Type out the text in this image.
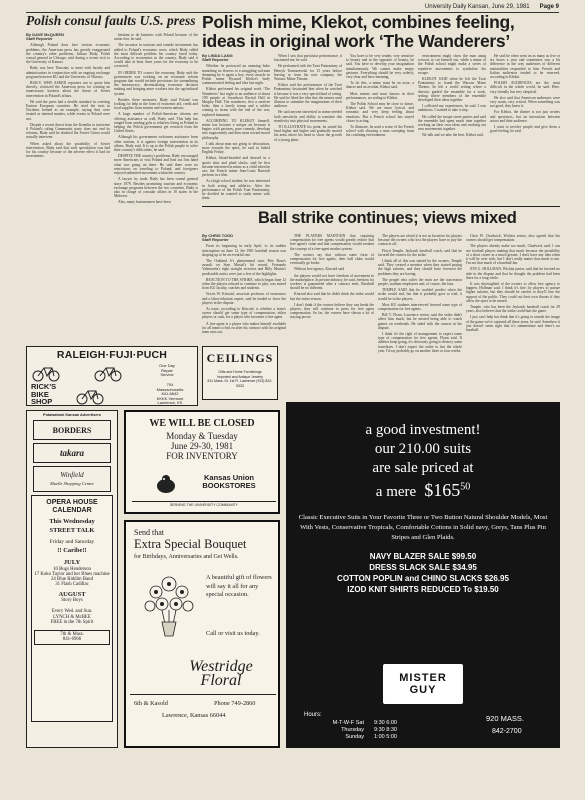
University Daily Kansan, June 29, 1981 Page 9
Polish consul faults U.S. press
By DAVE McQUEEN
Staff Reporter

Although Poland does face serious economic problems, the American press has greatly exaggerated the country's other problems, Juliusz Biały, Polish consul general in Chicago, said during a recent visit to the University of Kansas.

Biały was here Thursday to meet with faculty and administrators in conjunction with an ongoing exchange program between KU and the University of Warsaw.

BIAŁY, WHO ASKED reporters not to quote him directly, criticized the American press for creating an unnecessary hysteria about the threat of Soviet intervention in Poland's affairs.

He said the press had a double standard in covering Eastern European countries. He cited the riots in Northern Ireland as an example, saying they were treated as internal matters, while events in Poland were not.

Despite a recent threat from the Kremlin to intervene if Poland's ruling Communist party does not end its reforms, Biały said he doubted the Soviet Union would actually intervene.

When asked about the possibility of Soviet intervention, Biały said that such speculation was bad for his country because of the adverse effect it had on investments.

hesitant to do business with Poland because of the union fear, he said.

The increase in tourism and outside investment has added to Poland's economic woes, which Biały called the most difficult problem his country faced today. According to economists in the country, Biały said it would take at least three years for the economy to be corrected.

IN ORDER TO correct the economy, Biały said the government was working on an economic reform program that would include provisions for streamlining the bureaucracy, decentralizing economic decision making and bringing more workers into the agricultural system.

Besides these measures, Biały said Poland was looking for help in the form of economic aid, credit and food supplies from eastern and western nations.

A large number of Polish-American citizens are offering assistance as well, Biały said. This help has ranged from sending gifts to relatives living in Poland to helping the Polish government get research from the United States.

Although his government welcomes assistance from other nations, it is against foreign intervention in its affairs, Biały said. It is up to the Polish people to solve their country's difficulties, he said.

DESPITE THE country's problems, Biały encouraged more Americans to visit Poland and find out first hand what was going on there. He said there were no restrictions on traveling to Poland, and foreigners enjoyed unlimited movement within the country.

A lawyer by trade, Biały has been consul general since 1979. Besides promoting tourism and economic exchange programs between the two countries, Biały is also in charge of consular affairs in 10 states in the Midwest.

Also, many businessmen have been

Polish mime, Klekot, combines feeling,
ideas in original work ‘The Wanderers’
By LINDA LANG
Staff Reporter

Whether he portrayed an amusing hobo munching on flowers or a struggling sad man dreaming he is again a boy, every muscle in Polish mime Ryszard Klekot's body communicated feeling and idea last night.

Klekot performed his original work ‘The Wanderers’ last night to an audience of about 190 people at Swarthout Recital Hall in Murphy Hall. The wanderers, first a carefree hobo, then a lonely tramp and a soldier coming to terms with the end of the war, explored humanity.

ACCORDING TO KLEKOT himself, mime has become a unique art because it begins with gestures, pure comedy, develops into tragicomedy and then turns toward moral philosophy.

I talk about man not going to destruction, more towards the spirit, he said in halted English Friday.

Klekot, blond-bearded and dressed in a sports shirt and plaid slacks, said he first became interested in mime as a child when he saw the French mime Jean-Louis Barrault perform in a film.

At a high school student, he was interested in both acting and athletics. After the performance of the Polish Tsatr Pantomimy, he decided he wanted to study mime with them.

When I saw that particular performance, it fascinated me, he said.

He performed with the Tsatr Pantomimy of Henryk Tomaszewski for 15 years before leaving to form his own company, the Warsaw Mime Theater.

Klekot said the performance of the Tsatr Pantomimy fascinated him when he watched it because it was a very special kind of acting. He said he liked the idea that the mimes used illusion to stimulate the imaginations of their audience.

He said anyone interested in mime needed both sensitivity and ability to translate this sensitivity into physical movements.

TO ILLUSTRATE his point, he raised his head higher and higher and gradually moved his arms above his head to show the growth of a young plant.

You have to be very tender, very sensitive to beauty and to the opposite of beauty, he said. You have to develop your imagination simultaneously. We cannot make empty gestures. Everything should be very orderly, very clear and have meaning.

To do this, a mime must be an actor, a dancer and an acrobat, Klekot said.

Most mimes and most dances in their performances, according to Klekot.

The Polish School may be close to dance, Klekot said. We are more lyrical, and romantic and very deep feeling about emotions. But a French school has stayed closer to acting.

To illustrate, he used a scene of the French school with showing a man sweeping from his confining environment.

environment might show the man using scissors to cut himself out, while a mime of the Polish school might make a series of repetitive movements to symbolize the escape.

KLEKOT SAID when he left the Tsatr Pantomimy to found the Warsaw Mime Theater, he left a world setting where a director guided the ensemble for a work, setting where members of the ensemble developed their ideas together.

I collected my experiences, he said. I was ambitious. I wanted to take a step.

He called the troupe street parties and said the ensemble had spent much time together working on their own ideas and working out new movements together.

We talk and we take the best, Klekot said.

He said he often went on as many as five or six hours a year and sometimes saw a bit difference in the way audiences of different nationalities responded to him. French and Italian audiences tended to be reserved, according to Klekot.

POLISH AUDIENCES are the most difficult in the whole world, he said. Here, very friendly but very skeptical.

He also said that American audiences were very warm, very critical. When something was not good, they knew it.

For Klekot, the theater is not just writers and spectators, but an interaction between actors and their audience.

I want to involve people and give them a good feeling, he said.

Ball strike continues; views mixed
By CHRIS TODD
Staff Reporter

From its beginning in early April, to its sudden interruption on June 12, the 1981 baseball season was shaping up to be an eventful one.

The Oakland A's phenomenal start, Pete Rose's assault on Stan Musial's hit record, Fernando Valenzuela's eight straight victories and Billy Martin's predictable antics were just a few of the highlights.

REACTION TO THE STRIKE, which began June 12 when the players refused to continue to play, was mixed from KU faculty, coaches and students.

Norris W. Kincaid, associate professor of economics and a labor-relations expert, said he tended to favor the players in the dispute.

At issue, according to Kincaid, is whether a team's owner should get some type of compensation, either players or cash, for a player who becomes a free agent.

A free agent is a player who makes himself available for all teams to bid on after his contract with his original team runs out.

THE PLAYERS MAINTAIN that requiring compensation for free agents would greatly reduce that free agent's value and that compensation would weaken the concept of a free-agent market system.

The owners say that without some form of compensation for free agents, their ball clubs would eventually go broke.

Without free agency, Kincaid said

the players would not have freedom of movement in the marketplace. In private industry, he said, freedom for workers is guaranteed after a contract ends. Baseball should be no different.

Kincaid also said that he didn't think the strike would last the entire season.

I don't think if the owners believe they can break the players, they will continue to press for free agent compensation. So far, the owners have shown a lot of staying power.

The players are afraid it is not as lucrative for players because the owners who lost the players have to pay the contracts off,

Floyd Temple, Jayhawk baseball coach, said that he favored the owners for the strike.

I think all of this was started by the owners, Temple said. They created a monster when they started paying the high salaries, and they should have foreseen the problems they are having.

The people who suffer the most are the concession people, stadium employees and, of course, the fans.

TEMPLE SAID that he couldn't predict when the strike would end, but that it probably goes to trial, it would be in the players.

Most KU students interviewed favored some type of compensation for free agents.

Bill T. Flynn, Lawrence senior, said the strike didn't affect him much, but he missed being able to watch games on weekends. He sided with the owners in the dispute.

I think it's the right of management to expect some type of compensation for free agents, Flynn said. If athletes keep going, it's obviously going to destroy some franchises. I don't expect the strike to last the whole year. I'd say probably go on another three or four weeks.

Chris W. Chadwick, Wichita senior, also agreed that the owners should get compensation.

The players already make too much, Chadwick said. I can see football players making that much because the possibility of a short career in a much greater. I don't have any idea when it will be over with, but I don't really matter that much to me. I'm not that much of a baseball fan.

JON G. HOLLMAN, Wichita junior, said that he favored no side in the dispute and that he thought the problem had been there for a long while.

It was shortsighted of the owners to allow free agency to happen, Hollman said. I think it's fine for players to pursue higher salaries, but they should be careful or they'll lose the support of the public. They could cut their own throats if they allow the sport to be ruined.

Temple, who has been the Jayhawk baseball coach for 29 years, also believes that the strike could hurt the game.

I just can't help but think that it's going to tarnish the image of the game we've captured all these years, he said. Somehow it just doesn't seem right that it's summertime and there's no baseball.

RALEIGH·FUJI·PUCH
One Day
Repair
Service
RICK'S
BIKE
SHOP
704
Massachusetts
841-6642
KKKK Vermont
Lawrence, KS
CEILINGS
Gifts and Home Furnishings
Imported and Antique Jewelry
811 Mass. St. 1st Fl. Lawrence (913) 842-5333
Potawatomi Kansan Advertisers
BORDERS
takara
Winfield
Muelle Shopping Center
OPERA HOUSE
CALENDAR
This Wednesday
STREET TALK
Friday and Saturday
!! Caribe!!
JULY
10 Bugs Henderson
17 Koko Taylor and her Blues machine
24 Blue Riddim Band
31 Flash Cadillac
AUGUST
Story Boys
Every Wed. and Sun.
LYNCH & McBEE
FREE in the 7th Spirit
7th & Mass.
841-6966
WE WILL BE CLOSED
Monday & Tuesday
June 29-30, 1981
FOR INVENTORY
Kansas Union
BOOKSTORES
SERVING THE UNIVERSITY COMMUNITY
Send that
Extra Special Bouquet
for Birthdays, Anniversaries and Get Wells.
A beautiful gift of flowers will say it all for any special occasion.
Call or visit us today.
Westridge
Floral
6th & Kasold	Phone 749-2860
Lawrence, Kansas 66044
a good investment!
our 210.00 suits
are sale priced at
a mere $\$165^{50}$
Classic Executive Suits in Your Favorite Three or Two Button Natural Shoulder Models, Most With Vests, Conservative Tropicals, Comfortable Cottons in Solid navy, Greys, Tans Plus Pin Stripes and Glen Plaids.
NAVY BLAZER SALE $99.50
DRESS SLACK SALE $34.95
COTTON POPLIN and CHINO SLACKS $26.95
IZOD KNIT SHIRTS REDUCED To $19.50
MISTER
GUY
Hours:
M-T-W-F Sat 9:30 6:00
Thursday 9:30 8:30
Sunday 1:00 5:00
920 MASS.
842-2700
